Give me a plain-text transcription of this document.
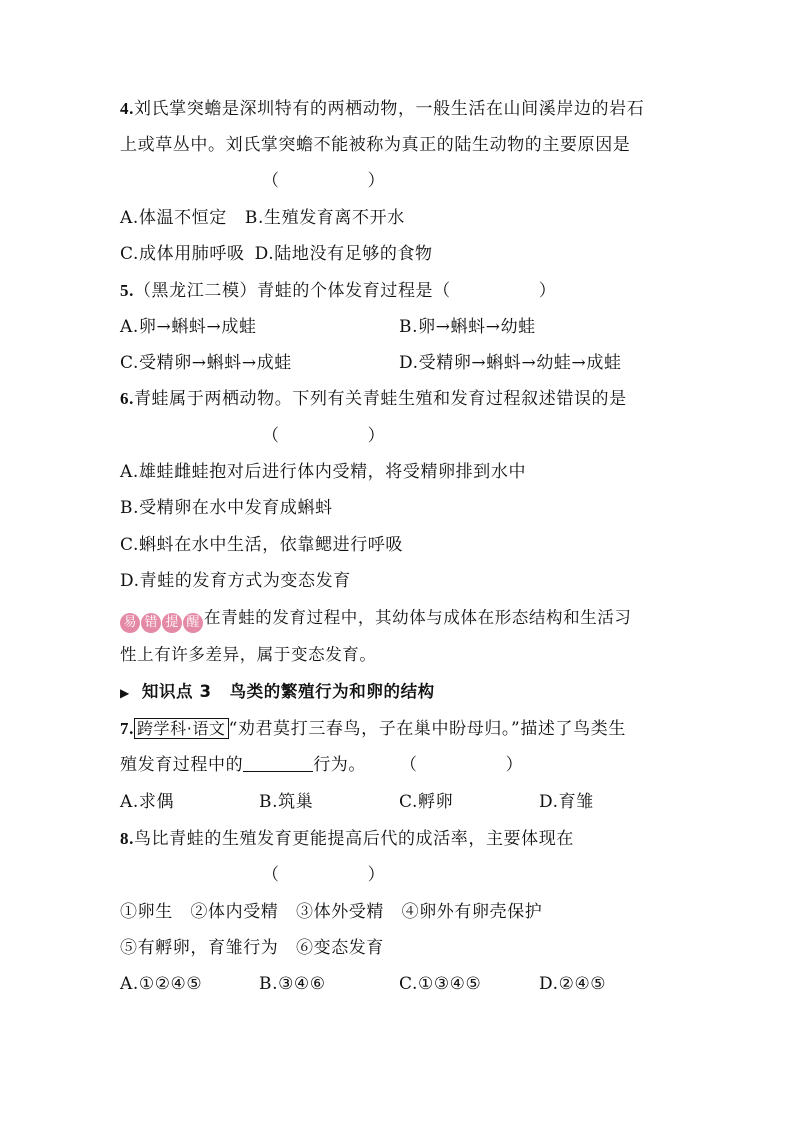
4.刘氏掌突蟾是深圳特有的两栖动物，一般生活在山间溪岸边的岩石
上或草丛中。刘氏掌突蟾不能被称为真正的陆生动物的主要原因是
（　　　　　）
A.体温不恒定 B.生殖发育离不开水
C.成体用肺呼吸 D.陆地没有足够的食物
5.（黑龙江二模）青蛙的个体发育过程是（　　　　　）
A.卵→蝌蚪→成蛙	B.卵→蝌蚪→幼蛙
C.受精卵→蝌蚪→成蛙	D.受精卵→蝌蚪→幼蛙→成蛙
6.青蛙属于两栖动物。下列有关青蛙生殖和发育过程叙述错误的是
（　　　　　）
A.雄蛙雌蛙抱对后进行体内受精，将受精卵排到水中
B.受精卵在水中发育成蝌蚪
C.蝌蚪在水中生活，依靠鳃进行呼吸
D.青蛙的发育方式为变态发育
易 错 提 醒 在青蛙的发育过程中，其幼体与成体在形态结构和生活习
性上有许多差异，属于变态发育。
▶ 知识点 3 鸟类的繁殖行为和卵的结构
7. 跨学科·语文 “劝君莫打三春鸟，子在巢中盼母归。”描述了鸟类生
殖发育过程中的	行为。 （　　　　　）
A.求偶	B.筑巢	C.孵卵	D.育雏
8.鸟比青蛙的生殖发育更能提高后代的成活率，主要体现在
（　　　　　）
①卵生　②体内受精　③体外受精　④卵外有卵壳保护
⑤有孵卵，育雏行为　⑥变态发育
A.①②④⑤	B.③④⑥	C.①③④⑤	D.②④⑤
